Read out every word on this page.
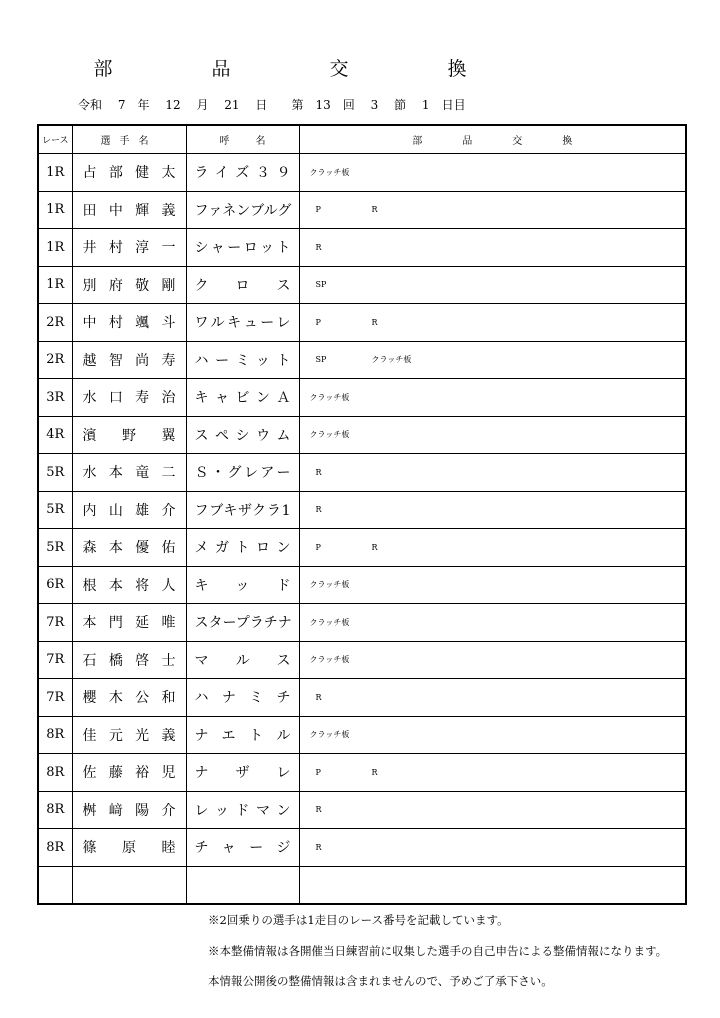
部　品　交　換
令和　 7　 年　 12　 月　 21　 日　　 第　 13　 回　 3　 節　 1　 日目
レース	選手名	呼名	部品交換
1R	占部健太	ライズ３９	クラッチ板
1R	田中輝義	ファネンブルグ	P R
1R	井村淳一	シャーロット	R
1R	別府敬剛	クロス	SP
2R	中村颯斗	ワルキューレ	P R
2R	越智尚寿	ハーミット	SP クラッチ板
3R	水口寿治	キャビンＡ	クラッチ板
4R	濱野翼	スペシウム	クラッチ板
5R	水本竜二	Ｓ・グレアー	R
5R	内山雄介	フブキザクラ1	R
5R	森本優佑	メガトロン	P R
6R	根本将人	キッド	クラッチ板
7R	本門延唯	スタープラチナ	クラッチ板
7R	石橋啓士	マルス	クラッチ板
7R	櫻木公和	ハナミチ	R
8R	佳元光義	ナエトル	クラッチ板
8R	佐藤裕児	ナザレ	P R
8R	桝﨑陽介	レッドマン	R
8R	篠原睦	チャージ	R

※2回乗りの選手は1走目のレース番号を記載しています。
※本整備情報は各開催当日練習前に収集した選手の自己申告による整備情報になります。
本情報公開後の整備情報は含まれませんので、予めご了承下さい。
